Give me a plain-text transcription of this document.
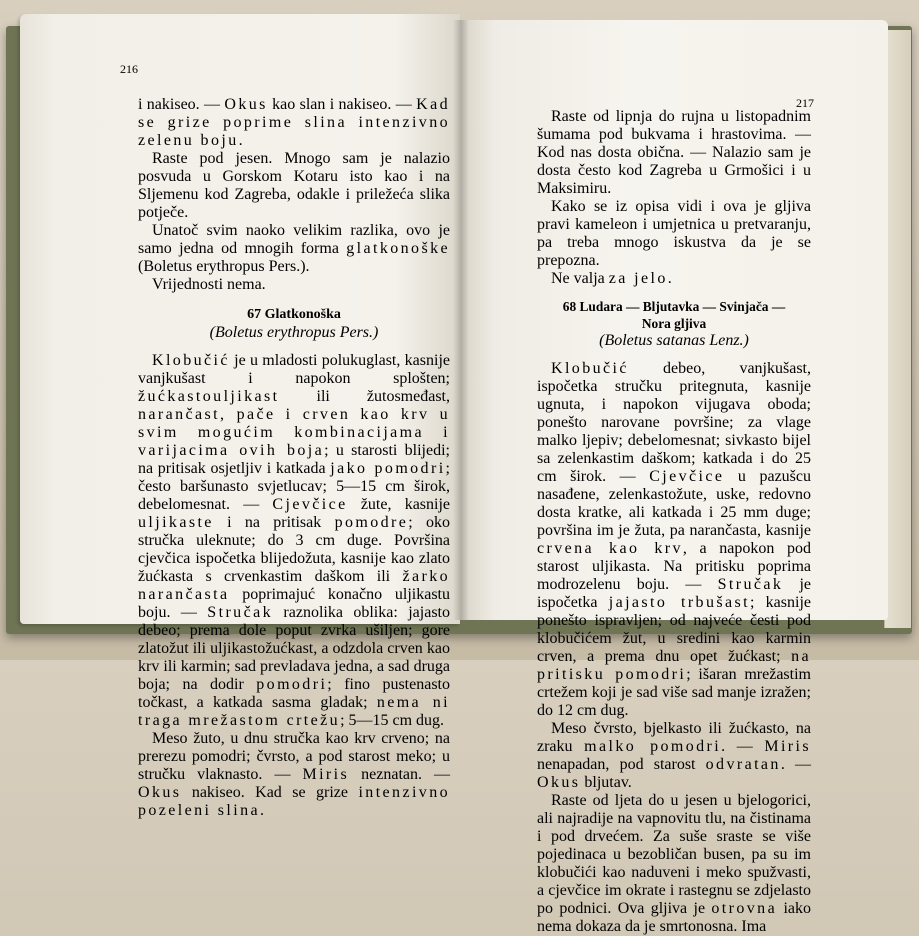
216

i nakiseo. — Okus kao slan i nakiseo. — Kad se grize poprime slina intenzivno zelenu boju.

Raste pod jesen. Mnogo sam je nalazio posvuda u Gorskom Kotaru isto kao i na Sljemenu kod Zagreba, odakle i priležeća slika potječe.

Unatoč svim naoko velikim razlika, ovo je samo jedna od mnogih forma glatkonoške (Boletus erythropus Pers.).

Vrijednosti nema.

67 Glatkonoška
(Boletus erythropus Pers.)

Klobučić je u mladosti polukuglast, kasnije vanjkušast i napokon splošten; žućkastouljikast ili žutosmeđast, narančast, pače i crven kao krv u svim mogućim kombinacijama i varijacima ovih boja; u starosti blijedi; na pritisak osjetljiv i katkada jako pomodri; često baršunasto svjetlucav; 5—15 cm širok, debelomesnat. — Cjevčice žute, kasnije uljikaste i na pritisak pomodre; oko stručka uleknute; do 3 cm duge. Površina cjevčica ispočetka blijedožuta, kasnije kao zlato žućkasta s crvenkastim daškom ili žarko narančasta poprimajuć konačno uljikastu boju. — Stručak raznolika oblika: jajasto debeo; prema dole poput zvrka ušiljen; gore zlatožut ili uljikastožućkast, a odzdola crven kao krv ili karmin; sad prevladava jedna, a sad druga boja; na dodir pomodri; fino pustenasto točkast, a katkada sasma gladak; nema ni traga mrežastom crtežu; 5—15 cm dug.

Meso žuto, u dnu stručka kao krv crveno; na prerezu pomodri; čvrsto, a pod starost meko; u stručku vlaknasto. — Miris neznatan. — Okus nakiseo. Kad se grize intenzivno pozeleni slina.

217

Raste od lipnja do rujna u listopadnim šumama pod bukvama i hrastovima. — Kod nas dosta obična. — Nalazio sam je dosta često kod Zagreba u Grmošici i u Maksimiru.

Kako se iz opisa vidi i ova je gljiva pravi kameleon i umjetnica u pretvaranju, pa treba mnogo iskustva da je se prepozna.

Ne valja za jelo.

68 Ludara — Bljutavka — Svinjača —
Nora gljiva
(Boletus satanas Lenz.)

Klobučić debeo, vanjkušast, ispočetka stručku pritegnuta, kasnije ugnuta, i napokon vijugava oboda; ponešto narovane površine; za vlage malko ljepiv; debelomesnat; sivkasto bijel sa zelenkastim daškom; katkada i do 25 cm širok. — Cjevčice u pazušcu nasađene, zelenkastožute, uske, redovno dosta kratke, ali katkada i 25 mm duge; površina im je žuta, pa narančasta, kasnije crvena kao krv, a napokon pod starost uljikasta. Na pritisku poprima modrozelenu boju. — Stručak je ispočetka jajasto trbušast; kasnije ponešto ispravljen; od najveće česti pod klobučićem žut, u sredini kao karmin crven, a prema dnu opet žućkast; na pritisku pomodri; išaran mrežastim crtežem koji je sad više sad manje izražen; do 12 cm dug.

Meso čvrsto, bjelkasto ili žućkasto, na zraku malko pomodri. — Miris nenapadan, pod starost odvratan. — Okus bljutav.

Raste od ljeta do u jesen u bjelogorici, ali najradije na vapnovitu tlu, na čistinama i pod drvećem. Za suše sraste se više pojedinaca u bezobličan busen, pa su im klobučići kao naduveni i meko spužvasti, a cjevčice im okrate i rastegnu se zdjelasto po podnici. Ova gljiva je otrovna iako nema dokaza da je smrtonosna. Ima
